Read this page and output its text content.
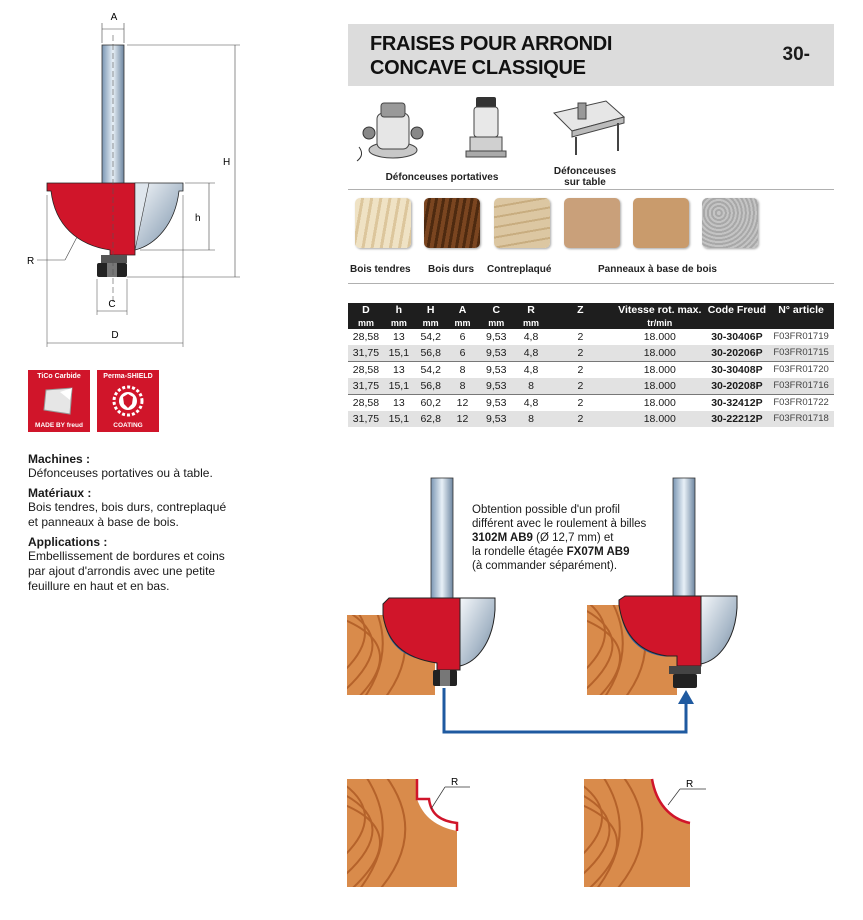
A
H
h
R
C
D
FRAISES POUR ARRONDI
CONCAVE CLASSIQUE
30-
Défonceuses portatives
Défonceuses
sur table
Bois tendres Bois durs Contreplaqué	Panneaux à base de bois
D	h	H	A	C	R	Z	Vitesse rot. max.	Code Freud	N° article
mm	mm	mm	mm	mm	mm		tr/min		
28,58	13	54,2	6	9,53	4,8	2	18.000	30-30406P	F03FR01719
31,75	15,1	56,8	6	9,53	4,8	2	18.000	30-20206P	F03FR01715
28,58	13	54,2	8	9,53	4,8	2	18.000	30-30408P	F03FR01720
31,75	15,1	56,8	8	9,53	8	2	18.000	30-20208P	F03FR01716
28,58	13	60,2	12	9,53	4,8	2	18.000	30-32412P	F03FR01722
31,75	15,1	62,8	12	9,53	8	2	18.000	30-22212P	F03FR01718
TiCo Carbide
MADE BY freud
Perma-SHIELD
COATING
Machines :
Défonceuses portatives ou à table.
Matériaux :
Bois tendres, bois durs, contreplaqué
et panneaux à base de bois.
Applications :
Embellissement de bordures et coins
par ajout d'arrondis avec une petite
feuillure en haut et en bas.
Obtention possible d'un profil
différent avec le roulement à billes
3102M AB9 (Ø 12,7 mm) et
la rondelle étagée FX07M AB9
(à commander séparément).
R	R
